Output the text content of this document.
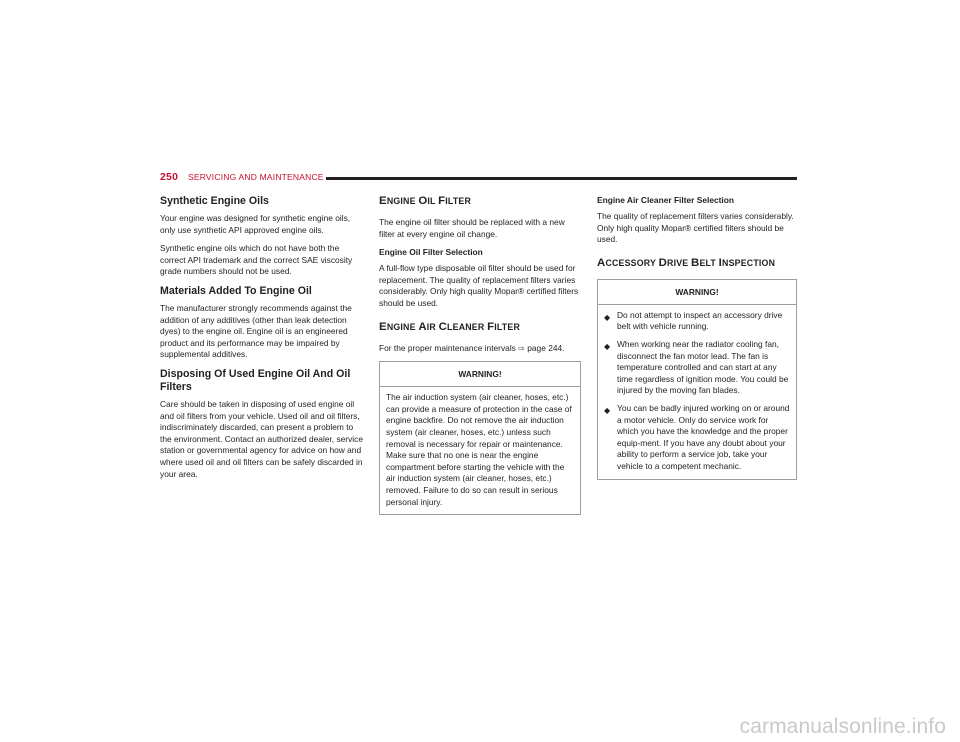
250 SERVICING AND MAINTENANCE
Synthetic Engine Oils

Your engine was designed for synthetic engine oils, only use synthetic API approved engine oils.

Synthetic engine oils which do not have both the correct API trademark and the correct SAE viscosity grade numbers should not be used.

Materials Added To Engine Oil

The manufacturer strongly recommends against the addition of any additives (other than leak detection dyes) to the engine oil. Engine oil is an engineered product and its performance may be impaired by supplemental additives.

Disposing Of Used Engine Oil And Oil Filters

Care should be taken in disposing of used engine oil and oil filters from your vehicle. Used oil and oil filters, indiscriminately discarded, can present a problem to the environment. Contact an authorized dealer, service station or governmental agency for advice on how and where used oil and oil filters can be safely discarded in your area.

ENGINE OIL FILTER

The engine oil filter should be replaced with a new filter at every engine oil change.

Engine Oil Filter Selection

A full-flow type disposable oil filter should be used for replacement. The quality of replacement filters varies considerably. Only high quality Mopar® certified filters should be used.

ENGINE AIR CLEANER FILTER

For the proper maintenance intervals ⇨ page 244.

WARNING!

The air induction system (air cleaner, hoses, etc.) can provide a measure of protection in the case of engine backfire. Do not remove the air induction system (air cleaner, hoses, etc.) unless such removal is necessary for repair or maintenance. Make sure that no one is near the engine compartment before starting the vehicle with the air induction system (air cleaner, hoses, etc.) removed. Failure to do so can result in serious personal injury.

Engine Air Cleaner Filter Selection

The quality of replacement filters varies considerably. Only high quality Mopar® certified filters should be used.

ACCESSORY DRIVE BELT INSPECTION
WARNING!
◆ Do not attempt to inspect an accessory drive belt with vehicle running.
◆ When working near the radiator cooling fan, disconnect the fan motor lead. The fan is temperature controlled and can start at any time regardless of ignition mode. You could be injured by the moving fan blades.
◆ You can be badly injured working on or around a motor vehicle. Only do service work for which you have the knowledge and the proper equip-ment. If you have any doubt about your ability to perform a service job, take your vehicle to a competent mechanic.
carmanualsonline.info
